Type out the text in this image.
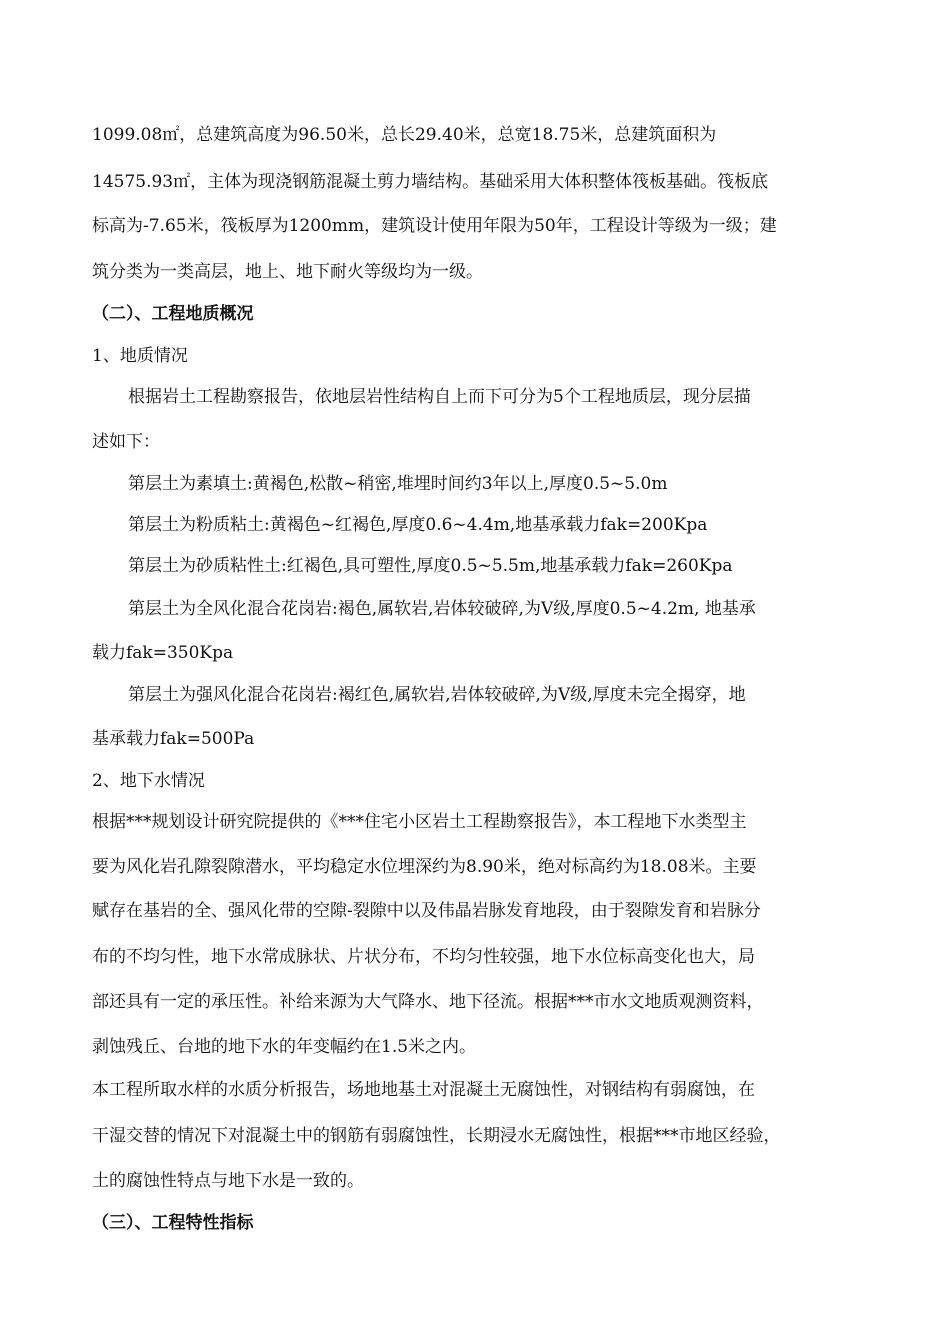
1099.08㎡，总建筑高度为96.50米，总长29.40米，总宽18.75米，总建筑面积为
14575.93㎡，主体为现浇钢筋混凝土剪力墙结构。基础采用大体积整体筏板基础。筏板底
标高为-7.65米，筏板厚为1200mm，建筑设计使用年限为50年，工程设计等级为一级；建
筑分类为一类高层，地上、地下耐火等级均为一级。
（二）、工程地质概况
1、地质情况
根据岩土工程勘察报告，依地层岩性结构自上而下可分为5个工程地质层，现分层描
述如下：
第层土为素填土:黄褐色,松散~稍密,堆埋时间约3年以上,厚度0.5~5.0m
第层土为粉质粘土:黄褐色~红褐色,厚度0.6~4.4m,地基承载力fak=200Kpa
第层土为砂质粘性土:红褐色,具可塑性,厚度0.5~5.5m,地基承载力fak=260Kpa
第层土为全风化混合花岗岩:褐色,属软岩,岩体较破碎,为Ⅴ级,厚度0.5~4.2m, 地基承
载力fak=350Kpa
第层土为强风化混合花岗岩:褐红色,属软岩,岩体较破碎,为Ⅴ级,厚度未完全揭穿，地
基承载力fak=500Pa
2、地下水情况
根据***规划设计研究院提供的《***住宅小区岩土工程勘察报告》，本工程地下水类型主
要为风化岩孔隙裂隙潜水，平均稳定水位埋深约为8.90米，绝对标高约为18.08米。主要
赋存在基岩的全、强风化带的空隙-裂隙中以及伟晶岩脉发育地段，由于裂隙发育和岩脉分
布的不均匀性，地下水常成脉状、片状分布，不均匀性较强，地下水位标高变化也大，局
部还具有一定的承压性。补给来源为大气降水、地下径流。根据***市水文地质观测资料，
剥蚀残丘、台地的地下水的年变幅约在1.5米之内。
本工程所取水样的水质分析报告，场地地基土对混凝土无腐蚀性，对钢结构有弱腐蚀，在
干湿交替的情况下对混凝土中的钢筋有弱腐蚀性，长期浸水无腐蚀性，根据***市地区经验，
土的腐蚀性特点与地下水是一致的。
（三）、工程特性指标
